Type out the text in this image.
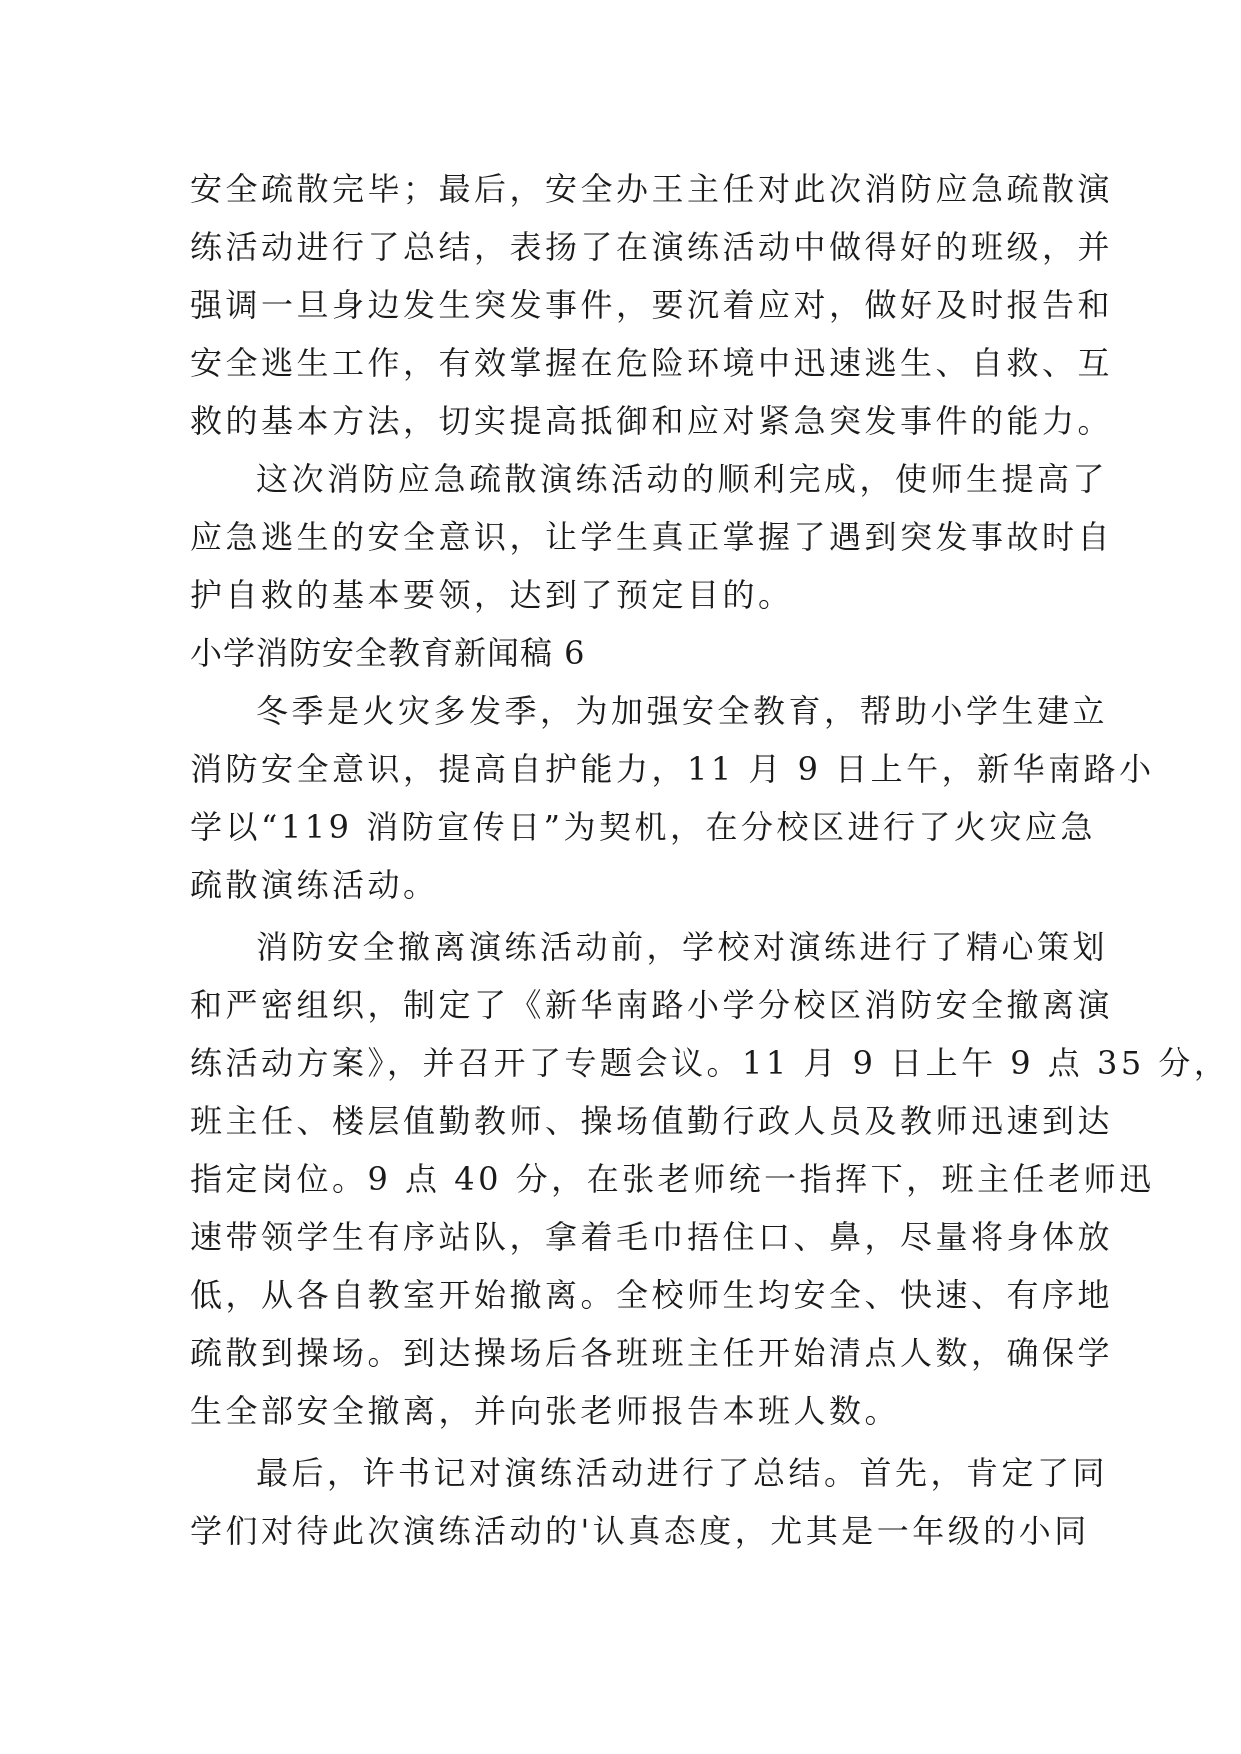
安全疏散完毕；最后，安全办王主任对此次消防应急疏散演
练活动进行了总结，表扬了在演练活动中做得好的班级，并
强调一旦身边发生突发事件，要沉着应对，做好及时报告和
安全逃生工作，有效掌握在危险环境中迅速逃生、自救、互
救的基本方法，切实提高抵御和应对紧急突发事件的能力。
这次消防应急疏散演练活动的顺利完成，使师生提高了
应急逃生的安全意识，让学生真正掌握了遇到突发事故时自
护自救的基本要领，达到了预定目的。
小学消防安全教育新闻稿 6
冬季是火灾多发季，为加强安全教育，帮助小学生建立
消防安全意识，提高自护能力，11 月 9 日上午，新华南路小
学以“119 消防宣传日”为契机，在分校区进行了火灾应急
疏散演练活动。
消防安全撤离演练活动前，学校对演练进行了精心策划
和严密组织，制定了《新华南路小学分校区消防安全撤离演
练活动方案》，并召开了专题会议。11 月 9 日上午 9 点 35 分，
班主任、楼层值勤教师、操场值勤行政人员及教师迅速到达
指定岗位。9 点 40 分，在张老师统一指挥下，班主任老师迅
速带领学生有序站队，拿着毛巾捂住口、鼻，尽量将身体放
低，从各自教室开始撤离。全校师生均安全、快速、有序地
疏散到操场。到达操场后各班班主任开始清点人数，确保学
生全部安全撤离，并向张老师报告本班人数。
最后，许书记对演练活动进行了总结。首先，肯定了同
学们对待此次演练活动的'认真态度，尤其是一年级的小同
